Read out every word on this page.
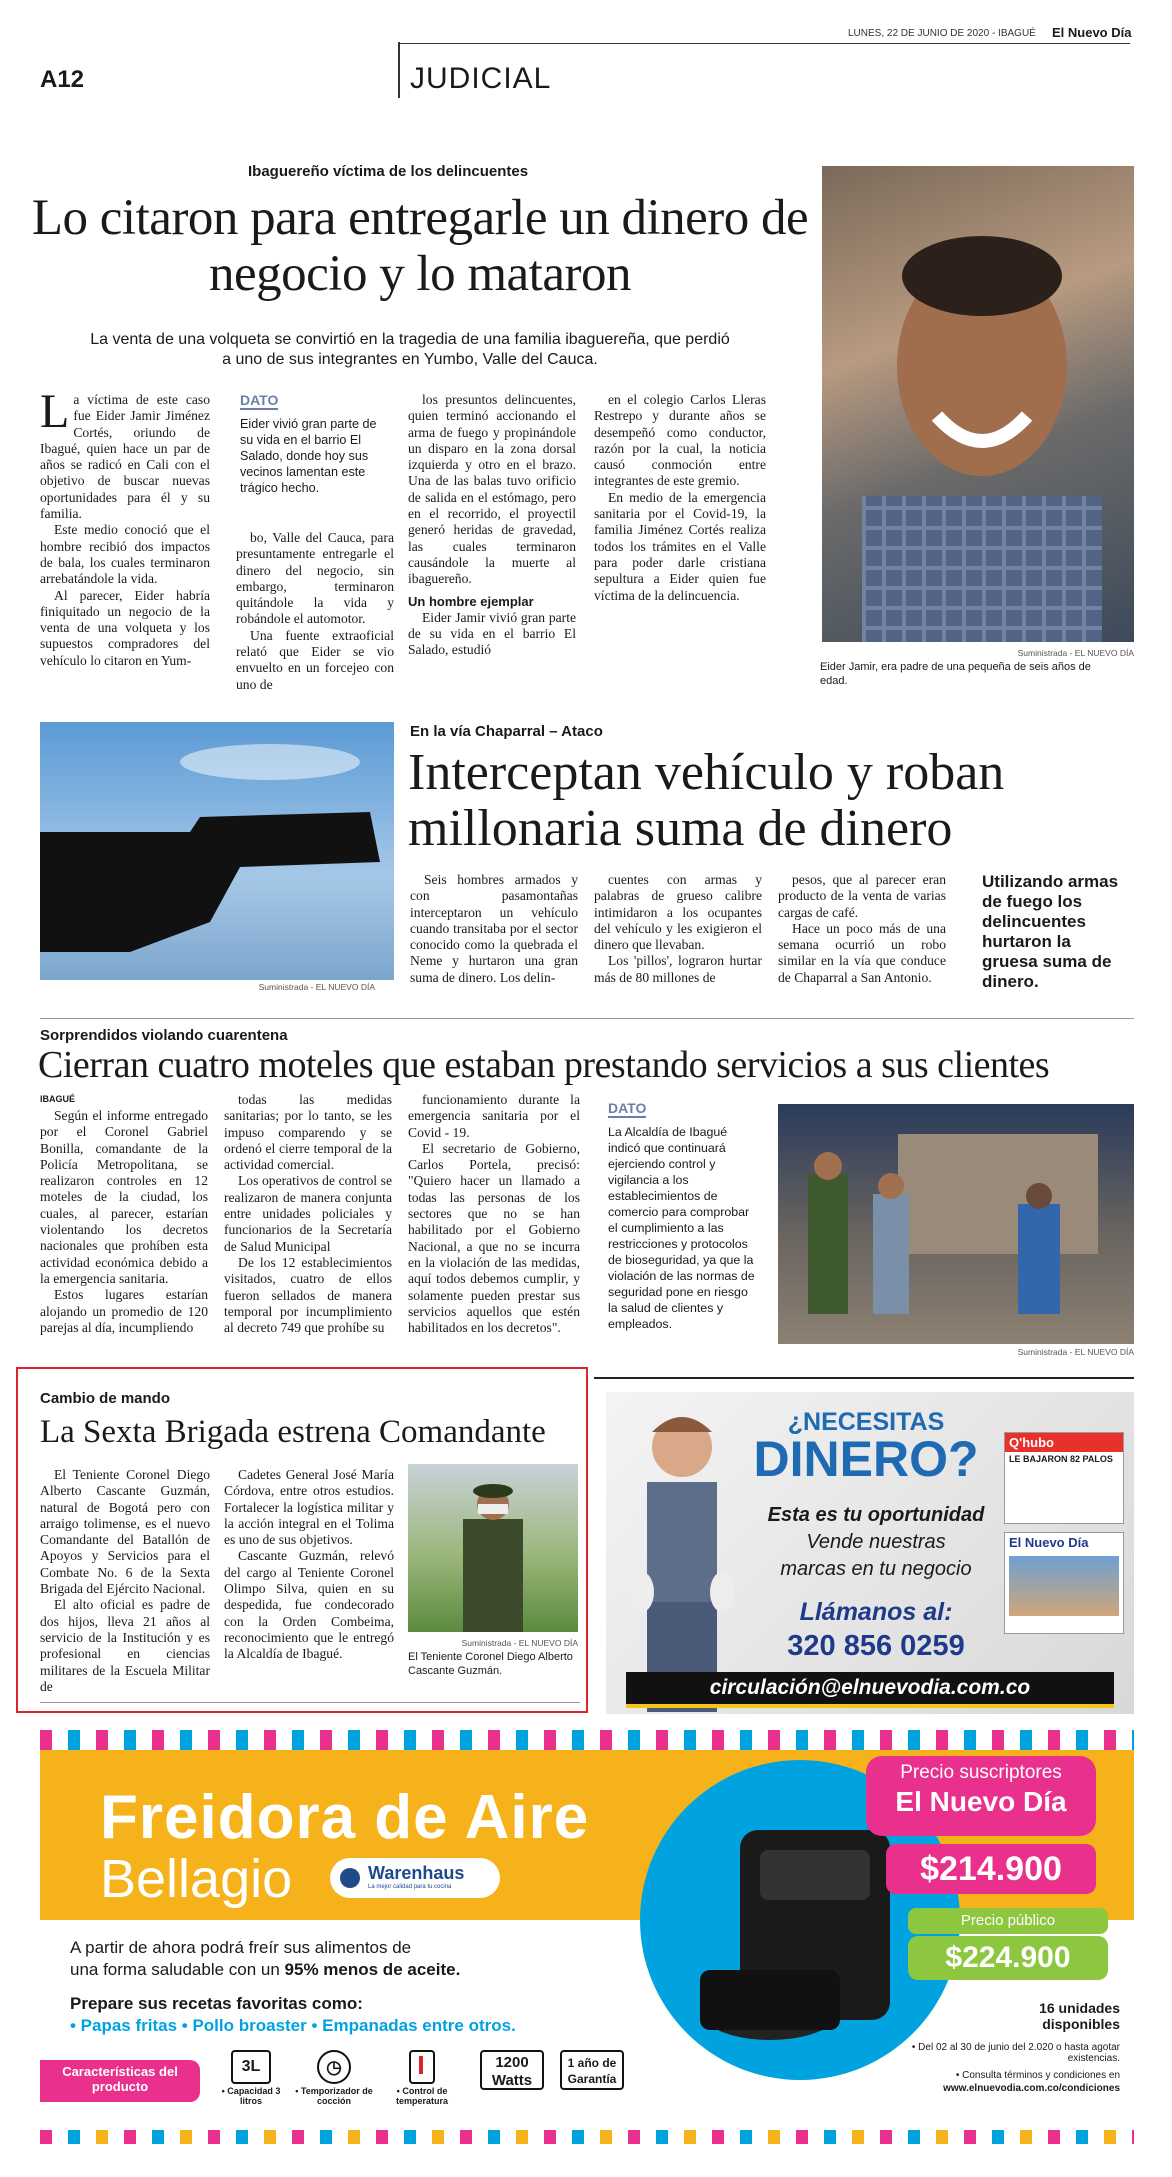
LUNES, 22 DE JUNIO DE 2020 - IBAGUÉ El Nuevo Día
A12	JUDICIAL
Ibaguereño víctima de los delincuentes
Lo citaron para entregarle un dinero de negocio y lo mataron
La venta de una volqueta se convirtió en la tragedia de una familia ibaguereña, que perdió a uno de sus integrantes en Yumbo, Valle del Cauca.

La víctima de este caso fue Eider Jamir Jiménez Cortés, oriundo de Ibagué, quien hace un par de años se radicó en Cali con el objetivo de buscar nuevas oportunidades para él y su familia.

Este medio conoció que el hombre recibió dos impactos de bala, los cuales terminaron arrebatándole la vida.

Al parecer, Eider habría finiquitado un negocio de la venta de una volqueta y los supuestos compradores del vehículo lo citaron en Yum-

DATO
Eider vivió gran parte de su vida en el barrio El Salado, donde hoy sus vecinos lamentan este trágico hecho.

bo, Valle del Cauca, para presuntamente entregarle el dinero del negocio, sin embargo, terminaron quitándole la vida y robándole el automotor.

Una fuente extraoficial relató que Eider se vio envuelto en un forcejeo con uno de

los presuntos delincuentes, quien terminó accionando el arma de fuego y propinándole un disparo en la zona dorsal izquierda y otro en el brazo. Una de las balas tuvo orificio de salida en el estómago, pero en el recorrido, el proyectil generó heridas de gravedad, las cuales terminaron causándole la muerte al ibaguereño.

Un hombre ejemplar

Eider Jamir vivió gran parte de su vida en el barrio El Salado, estudió

en el colegio Carlos Lleras Restrepo y durante años se desempeñó como conductor, razón por la cual, la noticia causó conmoción entre integrantes de este gremio.

En medio de la emergencia sanitaria por el Covid-19, la familia Jiménez Cortés realiza todos los trámites en el Valle para poder darle cristiana sepultura a Eider quien fue víctima de la delincuencia.

Suministrada - EL NUEVO DÍA
Eider Jamir, era padre de una pequeña de seis años de edad.
Suministrada - EL NUEVO DÍA
En la vía Chaparral – Ataco
Interceptan vehículo y roban millonaria suma de dinero

Seis hombres armados y con pasamontañas interceptaron un vehículo cuando transitaba por el sector conocido como la quebrada el Neme y hurtaron una gran suma de dinero. Los delin-

cuentes con armas y palabras de grueso calibre intimidaron a los ocupantes del vehículo y les exigieron el dinero que llevaban.

Los 'pillos', lograron hurtar más de 80 millones de

pesos, que al parecer eran producto de la venta de varias cargas de café.

Hace un poco más de una semana ocurrió un robo similar en la vía que conduce de Chaparral a San Antonio.

Utilizando armas de fuego los delincuentes hurtaron la gruesa suma de dinero.
Sorprendidos violando cuarentena
Cierran cuatro moteles que estaban prestando servicios a sus clientes
IBAGUÉ

Según el informe entregado por el Coronel Gabriel Bonilla, comandante de la Policía Metropolitana, se realizaron controles en 12 moteles de la ciudad, los cuales, al parecer, estarían violentando los decretos nacionales que prohíben esta actividad económica debido a la emergencia sanitaria.

Estos lugares estarían alojando un promedio de 120 parejas al día, incumpliendo

todas las medidas sanitarias; por lo tanto, se les impuso comparendo y se ordenó el cierre temporal de la actividad comercial.

Los operativos de control se realizaron de manera conjunta entre unidades policiales y funcionarios de la Secretaría de Salud Municipal

De los 12 establecimientos visitados, cuatro de ellos fueron sellados de manera temporal por incumplimiento al decreto 749 que prohíbe su

funcionamiento durante la emergencia sanitaria por el Covid - 19.

El secretario de Gobierno, Carlos Portela, precisó: "Quiero hacer un llamado a todas las personas de los sectores que no se han habilitado por el Gobierno Nacional, a que no se incurra en la violación de las medidas, aquí todos debemos cumplir, y solamente pueden prestar sus servicios aquellos que estén habilitados en los decretos".

DATO
La Alcaldía de Ibagué indicó que continuará ejerciendo control y vigilancia a los establecimientos de comercio para comprobar el cumplimiento a las restricciones y protocolos de bioseguridad, ya que la violación de las normas de seguridad pone en riesgo la salud de clientes y empleados.
Suministrada - EL NUEVO DÍA
Cambio de mando
La Sexta Brigada estrena Comandante

El Teniente Coronel Diego Alberto Cascante Guzmán, natural de Bogotá pero con arraigo tolimense, es el nuevo Comandante del Batallón de Apoyos y Servicios para el Combate No. 6 de la Sexta Brigada del Ejército Nacional.

El alto oficial es padre de dos hijos, lleva 21 años al servicio de la Institución y es profesional en ciencias militares de la Escuela Militar de

Cadetes General José María Córdova, entre otros estudios. Fortalecer la logística militar y la acción integral en el Tolima es uno de sus objetivos.

Cascante Guzmán, relevó del cargo al Teniente Coronel Olimpo Silva, quien en su despedida, fue condecorado con la Orden Combeima, reconocimiento que le entregó la Alcaldía de Ibagué.

Suministrada - EL NUEVO DÍA
El Teniente Coronel Diego Alberto Cascante Guzmán.
¿NECESITAS
DINERO?	Q'hubo
LE BAJARON 82 PALOS
El Nuevo Día
Esta es tu oportunidad
Vende nuestras
marcas en tu negocio
Llámanos al:
320 856 0259
circulación@elnuevodia.com.co
Freidora de Aire
Bellagio	Warenhaus
La mejor calidad para tu cocina
Precio suscriptores
El Nuevo Día
$214.900
Precio público
$224.900
A partir de ahora podrá freír sus alimentos de
una forma saludable con un 95% menos de aceite.
Prepare sus recetas favoritas como:
• Papas fritas • Pollo broaster • Empanadas entre otros.
16 unidades disponibles
• Del 02 al 30 de junio del 2.020 o hasta agotar existencias.
• Consulta términos y condiciones en
www.elnuevodia.com.co/condiciones
Características del producto
3L
• Capacidad 3 litros
◷
• Temporizador de cocción
• Control de temperatura
1200 Watts
1 año de Garantía
